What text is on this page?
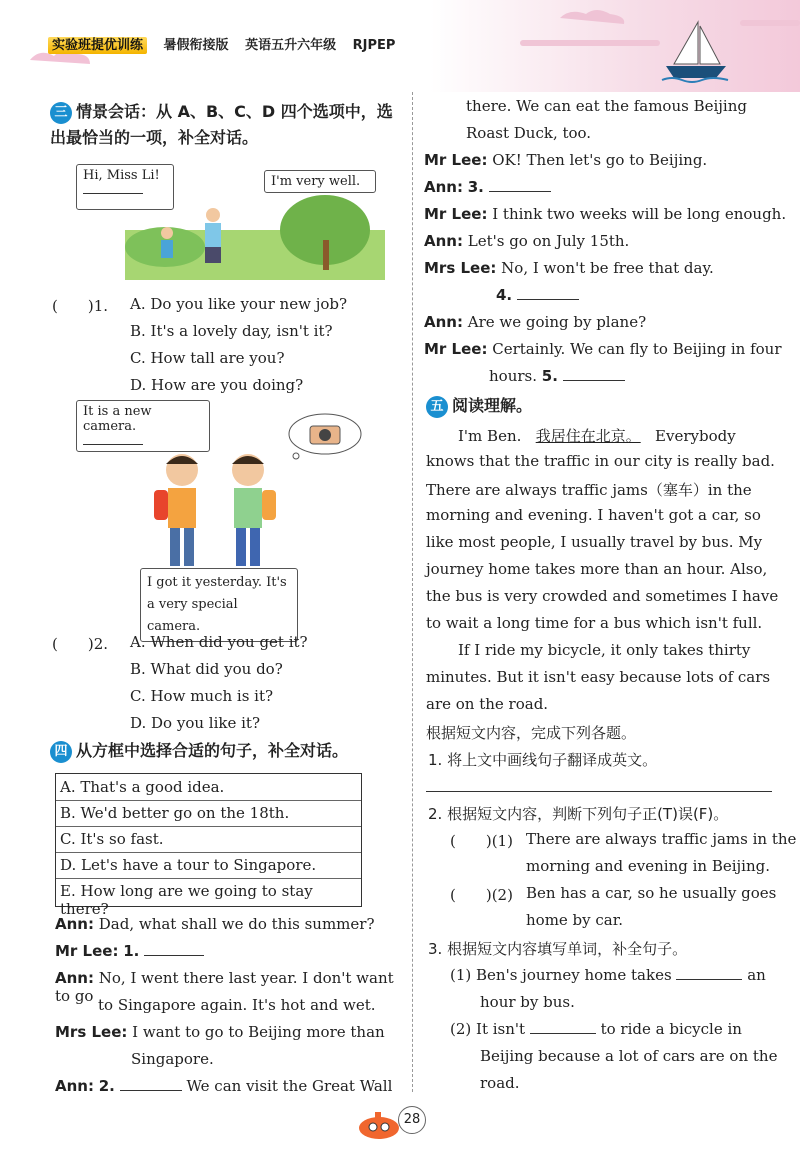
实验班提优训练 暑假衔接版 英语五升六年级 RJPEP
三 情景会话：从 A、B、C、D 四个选项中，选
出最恰当的一项，补全对话。
Hi, Miss Li!	I'm very well.
(　　)1. A. Do you like your new job?
B. It's a lovely day, isn't it?
C. How tall are you?
D. How are you doing?
It is a new camera.

I got it yesterday. It's
a very special camera.
(　　)2. A. When did you get it?
B. What did you do?
C. How much is it?
D. Do you like it?
四 从方框中选择合适的句子，补全对话。
A. That's a good idea.
B. We'd better go on the 18th.
C. It's so fast.
D. Let's have a tour to Singapore.
E. How long are we going to stay there?
Ann: Dad, what shall we do this summer?
Mr Lee: 1.
Ann: No, I went there last year. I don't want to go to Singapore again. It's hot and wet.
Mrs Lee: I want to go to Beijing more than
Singapore.
Ann: 2.	We can visit the Great Wall
there. We can eat the famous Beijing
Roast Duck, too.
Mr Lee: OK! Then let's go to Beijing.
Ann: 3.
Mr Lee: I think two weeks will be long enough.
Ann: Let's go on July 15th.
Mrs Lee: No, I won't be free that day.
4.
Ann: Are we going by plane?
Mr Lee: Certainly. We can fly to Beijing in four
hours. 5.
五 阅读理解。
I'm Ben. 我居住在北京。 Everybody
knows that the traffic in our city is really bad.
There are always traffic jams（塞车）in the
morning and evening. I haven't got a car, so
like most people, I usually travel by bus. My
journey home takes more than an hour. Also,
the bus is very crowded and sometimes I have
to wait a long time for a bus which isn't full.
If I ride my bicycle, it only takes thirty
minutes. But it isn't easy because lots of cars
are on the road.
根据短文内容，完成下列各题。
1. 将上文中画线句子翻译成英文。
2. 根据短文内容，判断下列句子正(T)误(F)。
(　　)(1) There are always traffic jams in the
morning and evening in Beijing.
(　　)(2) Ben has a car, so he usually goes
home by car.
3. 根据短文内容填写单词，补全句子。
(1) Ben's journey home takes	an
hour by bus.
(2) It isn't	to ride a bicycle in
Beijing because a lot of cars are on the
road.
28
